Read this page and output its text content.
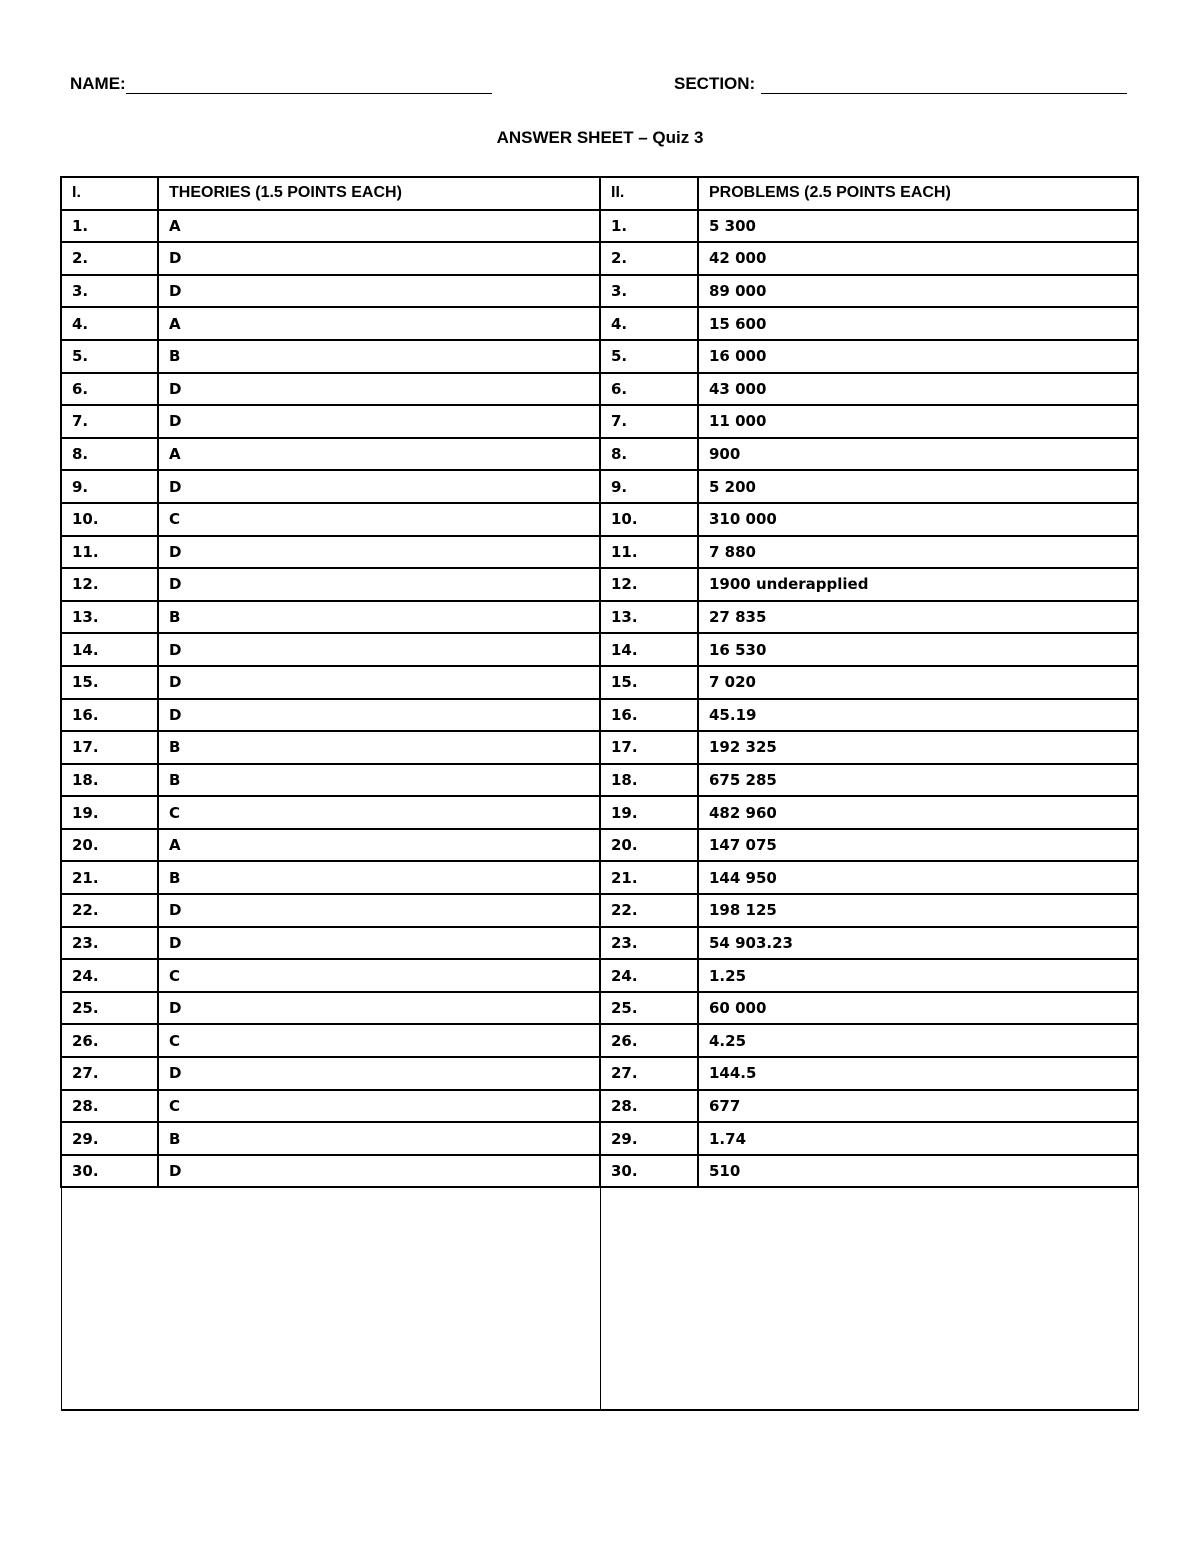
NAME:	SECTION:
ANSWER SHEET – Quiz 3
I.	THEORIES (1.5 POINTS EACH)	II.	PROBLEMS (2.5 POINTS EACH)
1.	A	1.	5 300
2.	D	2.	42 000
3.	D	3.	89 000
4.	A	4.	15 600
5.	B	5.	16 000
6.	D	6.	43 000
7.	D	7.	11 000
8.	A	8.	900
9.	D	9.	5 200
10.	C	10.	310 000
11.	D	11.	7 880
12.	D	12.	1900 underapplied
13.	B	13.	27 835
14.	D	14.	16 530
15.	D	15.	7 020
16.	D	16.	45.19
17.	B	17.	192 325
18.	B	18.	675 285
19.	C	19.	482 960
20.	A	20.	147 075
21.	B	21.	144 950
22.	D	22.	198 125
23.	D	23.	54 903.23
24.	C	24.	1.25
25.	D	25.	60 000
26.	C	26.	4.25
27.	D	27.	144.5
28.	C	28.	677
29.	B	29.	1.74
30.	D	30.	510
